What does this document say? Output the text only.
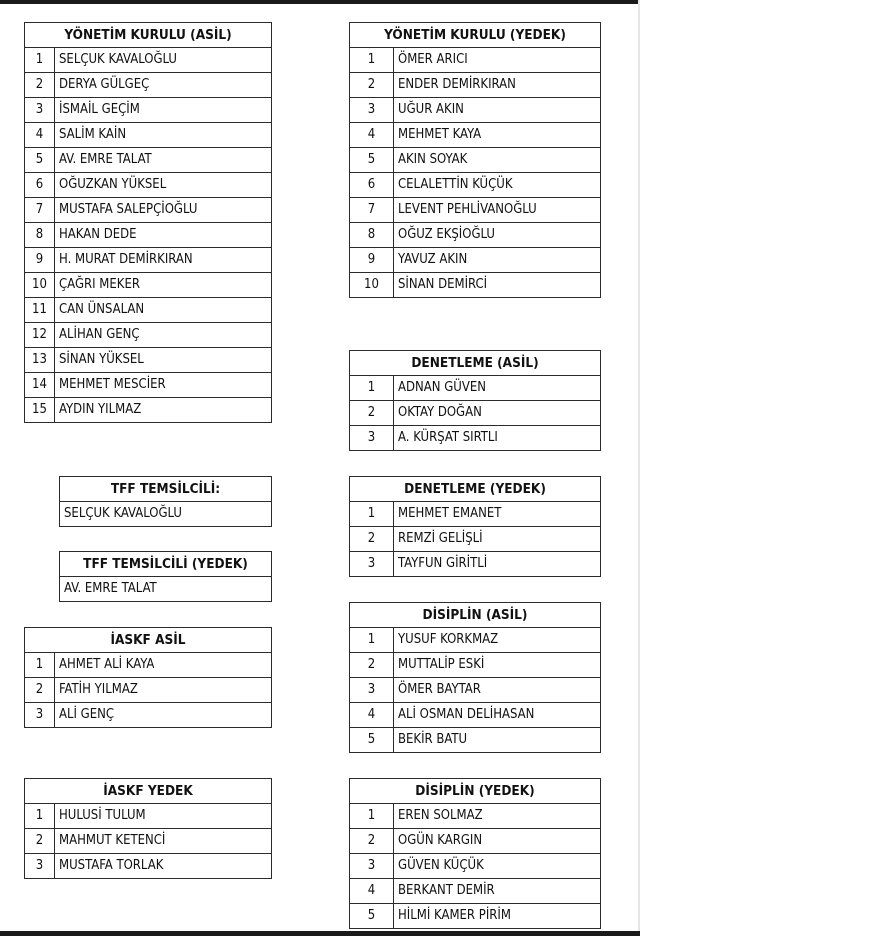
YÖNETİM KURULU (ASİL)	
1	SELÇUK KAVALOĞLU
2	DERYA GÜLGEÇ
3	İSMAİL GEÇİM
4	SALİM KAİN
5	AV. EMRE TALAT
6	OĞUZKAN YÜKSEL
7	MUSTAFA SALEPÇİOĞLU
8	HAKAN DEDE
9	H. MURAT DEMİRKIRAN
10	ÇAĞRI MEKER
11	CAN ÜNSALAN
12	ALİHAN GENÇ
13	SİNAN YÜKSEL
14	MEHMET MESCİER
15	AYDIN YILMAZ
YÖNETİM KURULU (YEDEK)	
1	ÖMER ARICI
2	ENDER DEMİRKIRAN
3	UĞUR AKIN
4	MEHMET KAYA
5	AKIN SOYAK
6	CELALETTİN KÜÇÜK
7	LEVENT PEHLİVANOĞLU
8	OĞUZ EKŞİOĞLU
9	YAVUZ AKIN
10	SİNAN DEMİRCİ
DENETLEME (ASİL)	
1	ADNAN GÜVEN
2	OKTAY DOĞAN
3	A. KÜRŞAT SIRTLI
TFF TEMSİLCİLİ:
SELÇUK KAVALOĞLU
DENETLEME (YEDEK)	
1	MEHMET EMANET
2	REMZİ GELİŞLİ
3	TAYFUN GİRİTLİ
TFF TEMSİLCİLİ (YEDEK)
AV. EMRE TALAT
DİSİPLİN (ASİL)	
1	YUSUF KORKMAZ
2	MUTTALİP ESKİ
3	ÖMER BAYTAR
4	ALİ OSMAN DELİHASAN
5	BEKİR BATU
İASKF ASİL	
1	AHMET ALİ KAYA
2	FATİH YILMAZ
3	ALİ GENÇ
İASKF YEDEK	
1	HULUSİ TULUM
2	MAHMUT KETENCİ
3	MUSTAFA TORLAK
DİSİPLİN (YEDEK)	
1	EREN SOLMAZ
2	OGÜN KARGIN
3	GÜVEN KÜÇÜK
4	BERKANT DEMİR
5	HİLMİ KAMER PİRİM
